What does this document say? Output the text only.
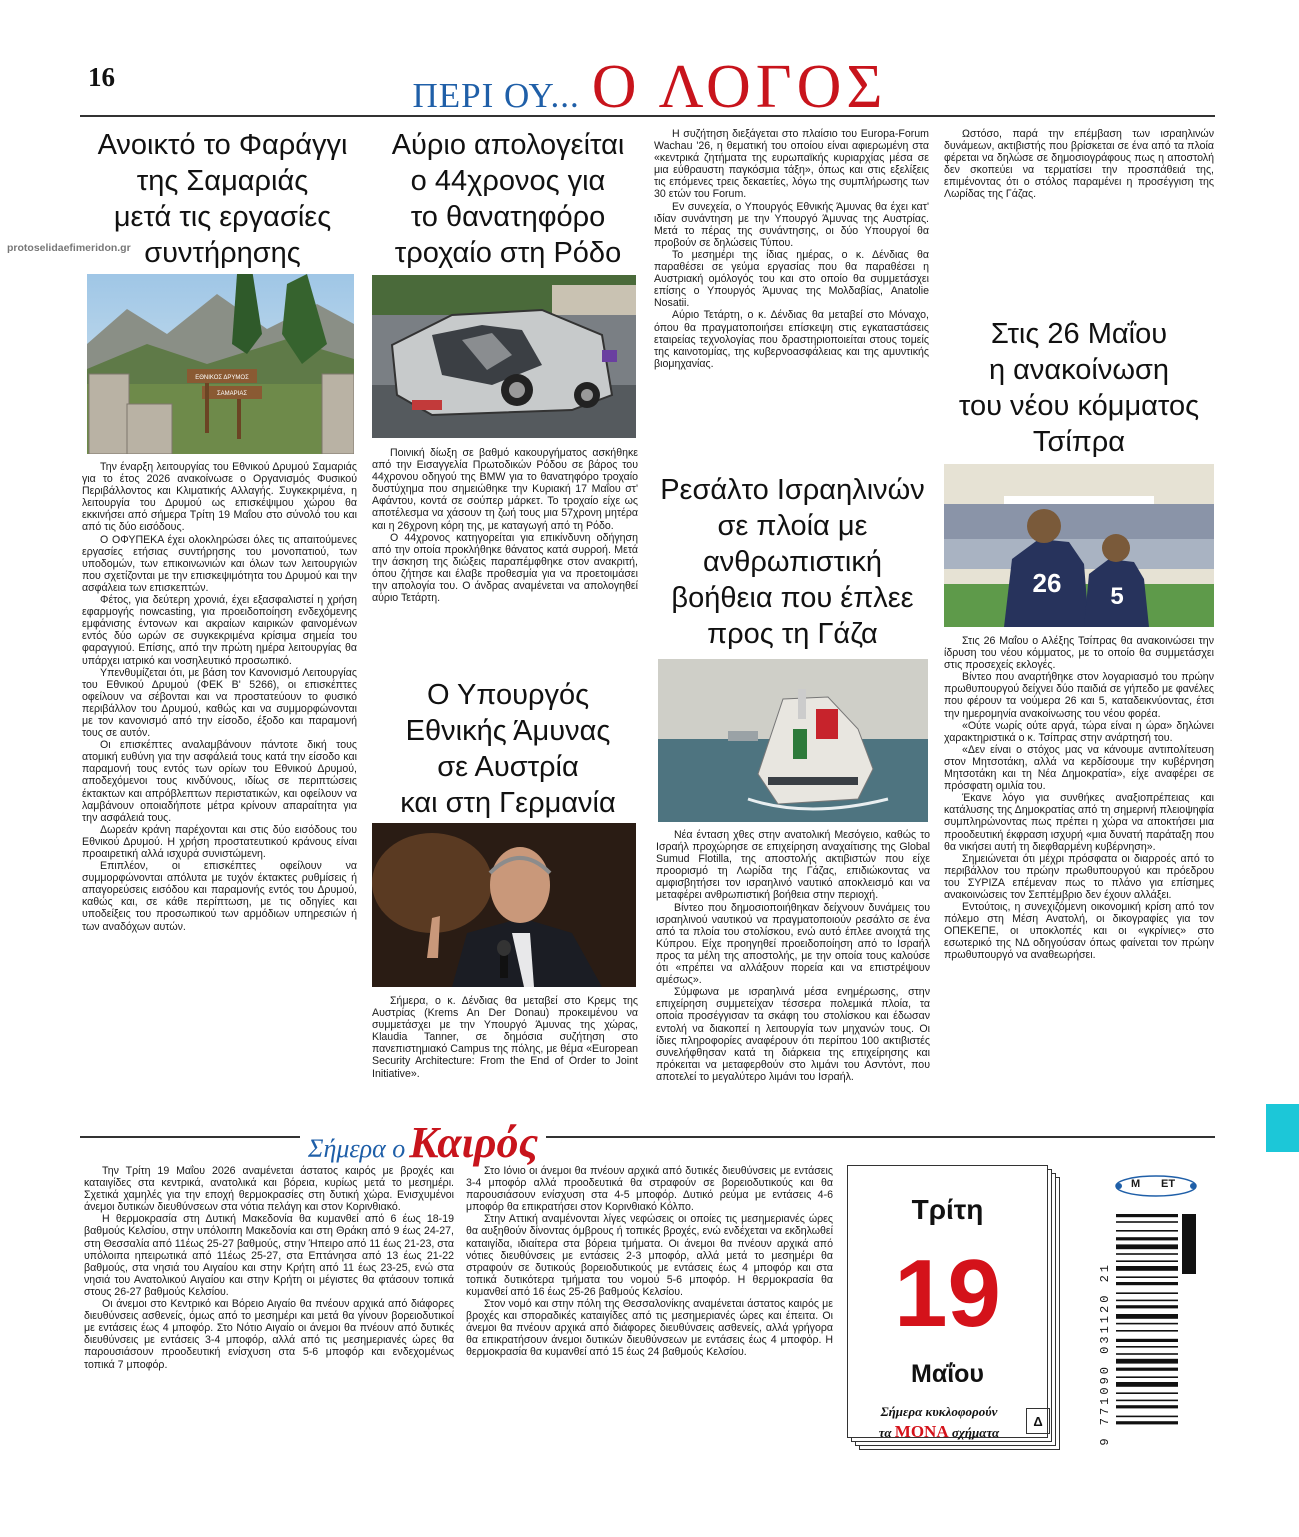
16	ΠΕΡΙ ΟΥ... Ο ΛΟΓΟΣ
Ανοικτό το Φαράγγι
της Σαμαριάς
μετά τις εργασίες
συντήρησης
protoselidaefimeridon.gr
ΕΘΝΙΚΟΣ ΔΡΥΜΟΣ
ΣΑΜΑΡΙΑΣ

Την έναρξη λειτουργίας του Εθνικού Δρυμού Σαμαριάς για το έτος 2026 ανακοίνωσε ο Οργανισμός Φυσικού Περιβάλλοντος και Κλιματικής Αλλαγής. Συγκεκριμένα, η λειτουργία του Δρυμού ως επισκέψιμου χώρου θα εκκινήσει από σήμερα Τρίτη 19 Μαΐου στο σύνολό του και από τις δύο εισόδους.

Ο ΟΦΥΠΕΚΑ έχει ολοκληρώσει όλες τις απαιτούμενες εργασίες ετήσιας συντήρησης του μονοπατιού, των υποδομών, των επικοινωνιών και όλων των λειτουργιών που σχετίζονται με την επισκεψιμότητα του Δρυμού και την ασφάλεια των επισκεπτών.

Φέτος, για δεύτερη χρονιά, έχει εξασφαλιστεί η χρήση εφαρμογής nowcasting, για προειδοποίηση ενδεχόμενης εμφάνισης έντονων και ακραίων καιρικών φαινομένων εντός δύο ωρών σε συγκεκριμένα κρίσιμα σημεία του φαραγγιού. Επίσης, από την πρώτη ημέρα λειτουργίας θα υπάρχει ιατρικό και νοσηλευτικό προσωπικό.

Υπενθυμίζεται ότι, με βάση τον Κανονισμό Λειτουργίας του Εθνικού Δρυμού (ΦΕΚ Β' 5266), οι επισκέπτες οφείλουν να σέβονται και να προστατεύουν το φυσικό περιβάλλον του Δρυμού, καθώς και να συμμορφώνονται με τον κανονισμό από την είσοδο, έξοδο και παραμονή τους σε αυτόν.

Οι επισκέπτες αναλαμβάνουν πάντοτε δική τους ατομική ευθύνη για την ασφάλειά τους κατά την είσοδο και παραμονή τους εντός των ορίων του Εθνικού Δρυμού, αποδεχόμενοι τους κινδύνους, ιδίως σε περιπτώσεις έκτακτων και απρόβλεπτων περιστατικών, και οφείλουν να λαμβάνουν οποιαδήποτε μέτρα κρίνουν απαραίτητα για την ασφάλειά τους.

Δωρεάν κράνη παρέχονται και στις δύο εισόδους του Εθνικού Δρυμού. Η χρήση προστατευτικού κράνους είναι προαιρετική αλλά ισχυρά συνιστώμενη.

Επιπλέον, οι επισκέπτες οφείλουν να συμμορφώνονται απόλυτα με τυχόν έκτακτες ρυθμίσεις ή απαγορεύσεις εισόδου και παραμονής εντός του Δρυμού, καθώς και, σε κάθε περίπτωση, με τις οδηγίες και υποδείξεις του προσωπικού των αρμόδιων υπηρεσιών ή των αναδόχων αυτών.

Αύριο απολογείται
ο 44χρονος για
το θανατηφόρο
τροχαίο στη Ρόδο

Ποινική δίωξη σε βαθμό κακουργήματος ασκήθηκε από την Εισαγγελία Πρωτοδικών Ρόδου σε βάρος του 44χρονου οδηγού της BMW για το θανατηφόρο τροχαίο δυστύχημα που σημειώθηκε την Κυριακή 17 Μαΐου στ' Αφάντου, κοντά σε σούπερ μάρκετ. Το τροχαίο είχε ως αποτέλεσμα να χάσουν τη ζωή τους μια 57χρονη μητέρα και η 26χρονη κόρη της, με καταγωγή από τη Ρόδο.

Ο 44χρονος κατηγορείται για επικίνδυνη οδήγηση από την οποία προκλήθηκε θάνατος κατά συρροή. Μετά την άσκηση της διώξεις παραπέμφθηκε στον ανακριτή, όπου ζήτησε και έλαβε προθεσμία για να προετοιμάσει την απολογία του. Ο άνδρας αναμένεται να απολογηθεί αύριο Τετάρτη.

Ο Υπουργός
Εθνικής Άμυνας
σε Αυστρία
και στη Γερμανία

Σήμερα, ο κ. Δένδιας θα μεταβεί στο Κρεμς της Αυστρίας (Krems An Der Donau) προκειμένου να συμμετάσχει με την Υπουργό Άμυνας της χώρας, Klaudia Tanner, σε δημόσια συζήτηση στο πανεπιστημιακό Campus της πόλης, με θέμα «European Security Architecture: From the End of Order to Joint Initiative».

Η συζήτηση διεξάγεται στο πλαίσιο του Europa-Forum Wachau '26, η θεματική του οποίου είναι αφιερωμένη στα «κεντρικά ζητήματα της ευρωπαϊκής κυριαρχίας μέσα σε μια εύθραυστη παγκόσμια τάξη», όπως και στις εξελίξεις τις επόμενες τρεις δεκαετίες, λόγω της συμπλήρωσης των 30 ετών του Forum.

Εν συνεχεία, ο Υπουργός Εθνικής Άμυνας θα έχει κατ' ιδίαν συνάντηση με την Υπουργό Άμυνας της Αυστρίας. Μετά το πέρας της συνάντησης, οι δύο Υπουργοί θα προβούν σε δηλώσεις Τύπου.

Το μεσημέρι της ίδιας ημέρας, ο κ. Δένδιας θα παραθέσει σε γεύμα εργασίας που θα παραθέσει η Αυστριακή ομόλογός του και στο οποίο θα συμμετάσχει επίσης ο Υπουργός Άμυνας της Μολδαβίας, Anatolie Nosatii.

Αύριο Τετάρτη, ο κ. Δένδιας θα μεταβεί στο Μόναχο, όπου θα πραγματοποιήσει επίσκεψη στις εγκαταστάσεις εταιρείας τεχνολογίας που δραστηριοποιείται στους τομείς της καινοτομίας, της κυβερνοασφάλειας και της αμυντικής βιομηχανίας.

Ρεσάλτο Ισραηλινών
σε πλοία με
ανθρωπιστική
βοήθεια που έπλεε
προς τη Γάζα

Νέα ένταση χθες στην ανατολική Μεσόγειο, καθώς το Ισραήλ προχώρησε σε επιχείρηση αναχαίτισης της Global Sumud Flotilla, της αποστολής ακτιβιστών που είχε προορισμό τη Λωρίδα της Γάζας, επιδιώκοντας να αμφισβητήσει τον ισραηλινό ναυτικό αποκλεισμό και να μεταφέρει ανθρωπιστική βοήθεια στην περιοχή.

Βίντεο που δημοσιοποιήθηκαν δείχνουν δυνάμεις του ισραηλινού ναυτικού να πραγματοποιούν ρεσάλτο σε ένα από τα πλοία του στολίσκου, ενώ αυτό έπλεε ανοιχτά της Κύπρου. Είχε προηγηθεί προειδοποίηση από το Ισραήλ προς τα μέλη της αποστολής, με την οποία τους καλούσε ότι «πρέπει να αλλάξουν πορεία και να επιστρέψουν αμέσως».

Σύμφωνα με ισραηλινά μέσα ενημέρωσης, στην επιχείρηση συμμετείχαν τέσσερα πολεμικά πλοία, τα οποία προσέγγισαν τα σκάφη του στολίσκου και έδωσαν εντολή να διακοπεί η λειτουργία των μηχανών τους. Οι ίδιες πληροφορίες αναφέρουν ότι περίπου 100 ακτιβιστές συνελήφθησαν κατά τη διάρκεια της επιχείρησης και πρόκειται να μεταφερθούν στο λιμάνι του Ασντόντ, που αποτελεί το μεγαλύτερο λιμάνι του Ισραήλ.

Ωστόσο, παρά την επέμβαση των ισραηλινών δυνάμεων, ακτιβιστής που βρίσκεται σε ένα από τα πλοία φέρεται να δηλώσε σε δημοσιογράφους πως η αποστολή δεν σκοπεύει να τερματίσει την προσπάθειά της, επιμένοντας ότι ο στόλος παραμένει η προσέγγιση της Λωρίδας της Γάζας.

Στις 26 Μαΐου
η ανακοίνωση
του νέου κόμματος
Τσίπρα
26 5

Στις 26 Μαΐου ο Αλέξης Τσίπρας θα ανακοινώσει την ίδρυση του νέου κόμματος, με το οποίο θα συμμετάσχει στις προσεχείς εκλογές.

Βίντεο που αναρτήθηκε στον λογαριασμό του πρώην πρωθυπουργού δείχνει δύο παιδιά σε γήπεδο με φανέλες που φέρουν τα νούμερα 26 και 5, καταδεικνύοντας, έτσι την ημερομηνία ανακοίνωσης του νέου φορέα.

«Ούτε νωρίς ούτε αργά, τώρα είναι η ώρα» δηλώνει χαρακτηριστικά ο κ. Τσίπρας στην ανάρτησή του.

«Δεν είναι ο στόχος μας να κάνουμε αντιπολίτευση στον Μητσοτάκη, αλλά να κερδίσουμε την κυβέρνηση Μητσοτάκη και τη Νέα Δημοκρατία», είχε αναφέρει σε πρόσφατη ομιλία του.

Έκανε λόγο για συνθήκες αναξιοπρέπειας και κατάλυσης της Δημοκρατίας από τη σημερινή πλειοψηφία συμπληρώνοντας πως πρέπει η χώρα να αποκτήσει μια προοδευτική έκφραση ισχυρή «μια δυνατή παράταξη που θα νικήσει αυτή τη διεφθαρμένη κυβέρνηση».

Σημειώνεται ότι μέχρι πρόσφατα οι διαρροές από το περιβάλλον του πρώην πρωθυπουργού και πρόεδρου του ΣΥΡΙΖΑ επέμεναν πως το πλάνο για επίσημες ανακοινώσεις τον Σεπτέμβριο δεν έχουν αλλάξει.

Εντούτοις, η συνεχιζόμενη οικονομική κρίση από τον πόλεμο στη Μέση Ανατολή, οι δικογραφίες για τον ΟΠΕΚΕΠΕ, οι υποκλοπές και οι «γκρίνιες» στο εσωτερικό της ΝΔ οδηγούσαν όπως φαίνεται τον πρώην πρωθυπουργό να αναθεωρήσει.

Σήμερα ο Καιρός

Την Τρίτη 19 Μαΐου 2026 αναμένεται άστατος καιρός με βροχές και καταιγίδες στα κεντρικά, ανατολικά και βόρεια, κυρίως μετά το μεσημέρι. Σχετικά χαμηλές για την εποχή θερμοκρασίες στη δυτική χώρα. Ενισχυμένοι άνεμοι δυτικών διευθύνσεων στα νότια πελάγη και στον Κορινθιακό.

Η θερμοκρασία στη Δυτική Μακεδονία θα κυμανθεί από 6 έως 18-19 βαθμούς Κελσίου, στην υπόλοιπη Μακεδονία και στη Θράκη από 9 έως 24-27, στη Θεσσαλία από 11έως 25-27 βαθμούς, στην Ήπειρο από 11 έως 21-23, στα υπόλοιπα ηπειρωτικά από 11έως 25-27, στα Επτάνησα από 13 έως 21-22 βαθμούς, στα νησιά του Αιγαίου και στην Κρήτη από 11 έως 23-25, ενώ στα νησιά του Ανατολικού Αιγαίου και στην Κρήτη οι μέγιστες θα φτάσουν τοπικά στους 26-27 βαθμούς Κελσίου.

Οι άνεμοι στο Κεντρικό και Βόρειο Αιγαίο θα πνέουν αρχικά από διάφορες διευθύνσεις ασθενείς, όμως από το μεσημέρι και μετά θα γίνουν βορειοδυτικοί με εντάσεις έως 4 μποφόρ. Στο Νότιο Αιγαίο οι άνεμοι θα πνέουν από δυτικές διευθύνσεις με εντάσεις 3-4 μποφόρ, αλλά από τις μεσημεριανές ώρες θα παρουσιάσουν προοδευτική ενίσχυση στα 5-6 μποφόρ και ενδεχομένως τοπικά 7 μποφόρ.

Στο Ιόνιο οι άνεμοι θα πνέουν αρχικά από δυτικές διευθύνσεις με εντάσεις 3-4 μποφόρ αλλά προοδευτικά θα στραφούν σε βορειοδυτικούς και θα παρουσιάσουν ενίσχυση στα 4-5 μποφόρ. Δυτικό ρεύμα με εντάσεις 4-6 μποφόρ θα επικρατήσει στον Κορινθιακό Κόλπο.

Στην Αττική αναμένονται λίγες νεφώσεις οι οποίες τις μεσημεριανές ώρες θα αυξηθούν δίνοντας όμβρους ή τοπικές βροχές, ενώ ενδέχεται να εκδηλωθεί καταιγίδα, ιδιαίτερα στα βόρεια τμήματα. Οι άνεμοι θα πνέουν αρχικά από νότιες διευθύνσεις με εντάσεις 2-3 μποφόρ, αλλά μετά το μεσημέρι θα στραφούν σε δυτικούς βορειοδυτικούς με εντάσεις έως 4 μποφόρ και στα τοπικά δυτικότερα τμήματα του νομού 5-6 μποφόρ. Η θερμοκρασία θα κυμανθεί από 16 έως 25-26 βαθμούς Κελσίου.

Στον νομό και στην πόλη της Θεσσαλονίκης αναμένεται άστατος καιρός με βροχές και σποραδικές καταιγίδες από τις μεσημεριανές ώρες και έπειτα. Οι άνεμοι θα πνέουν αρχικά από διάφορες διευθύνσεις ασθενείς, αλλά γρήγορα θα επικρατήσουν άνεμοι δυτικών διευθύνσεων με εντάσεις έως 4 μποφόρ. Η θερμοκρασία θα κυμανθεί από 15 έως 24 βαθμούς Κελσίου.

Τρίτη
19
Μαΐου
Σήμερα κυκλοφορούν
τα ΜΟΝΑ σχήματα
Δ
Μ ΕΤ
9 771090 031120 21
